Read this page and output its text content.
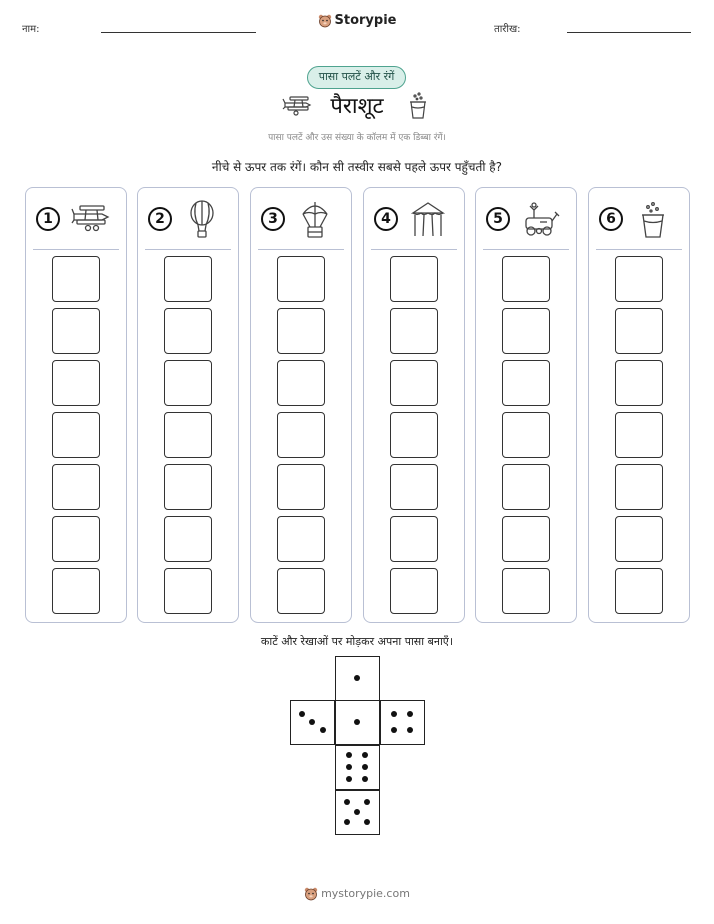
नाम:
Storypie
तारीख:
पासा पलटें और रंगें
पैराशूट
पासा पलटें और उस संख्या के कॉलम में एक डिब्बा रंगें।
नीचे से ऊपर तक रंगें। कौन सी तस्वीर सबसे पहले ऊपर पहुँचती है?
1	2	3	4	5	6
काटें और रेखाओं पर मोड़कर अपना पासा बनाएँ।
mystorypie.com
